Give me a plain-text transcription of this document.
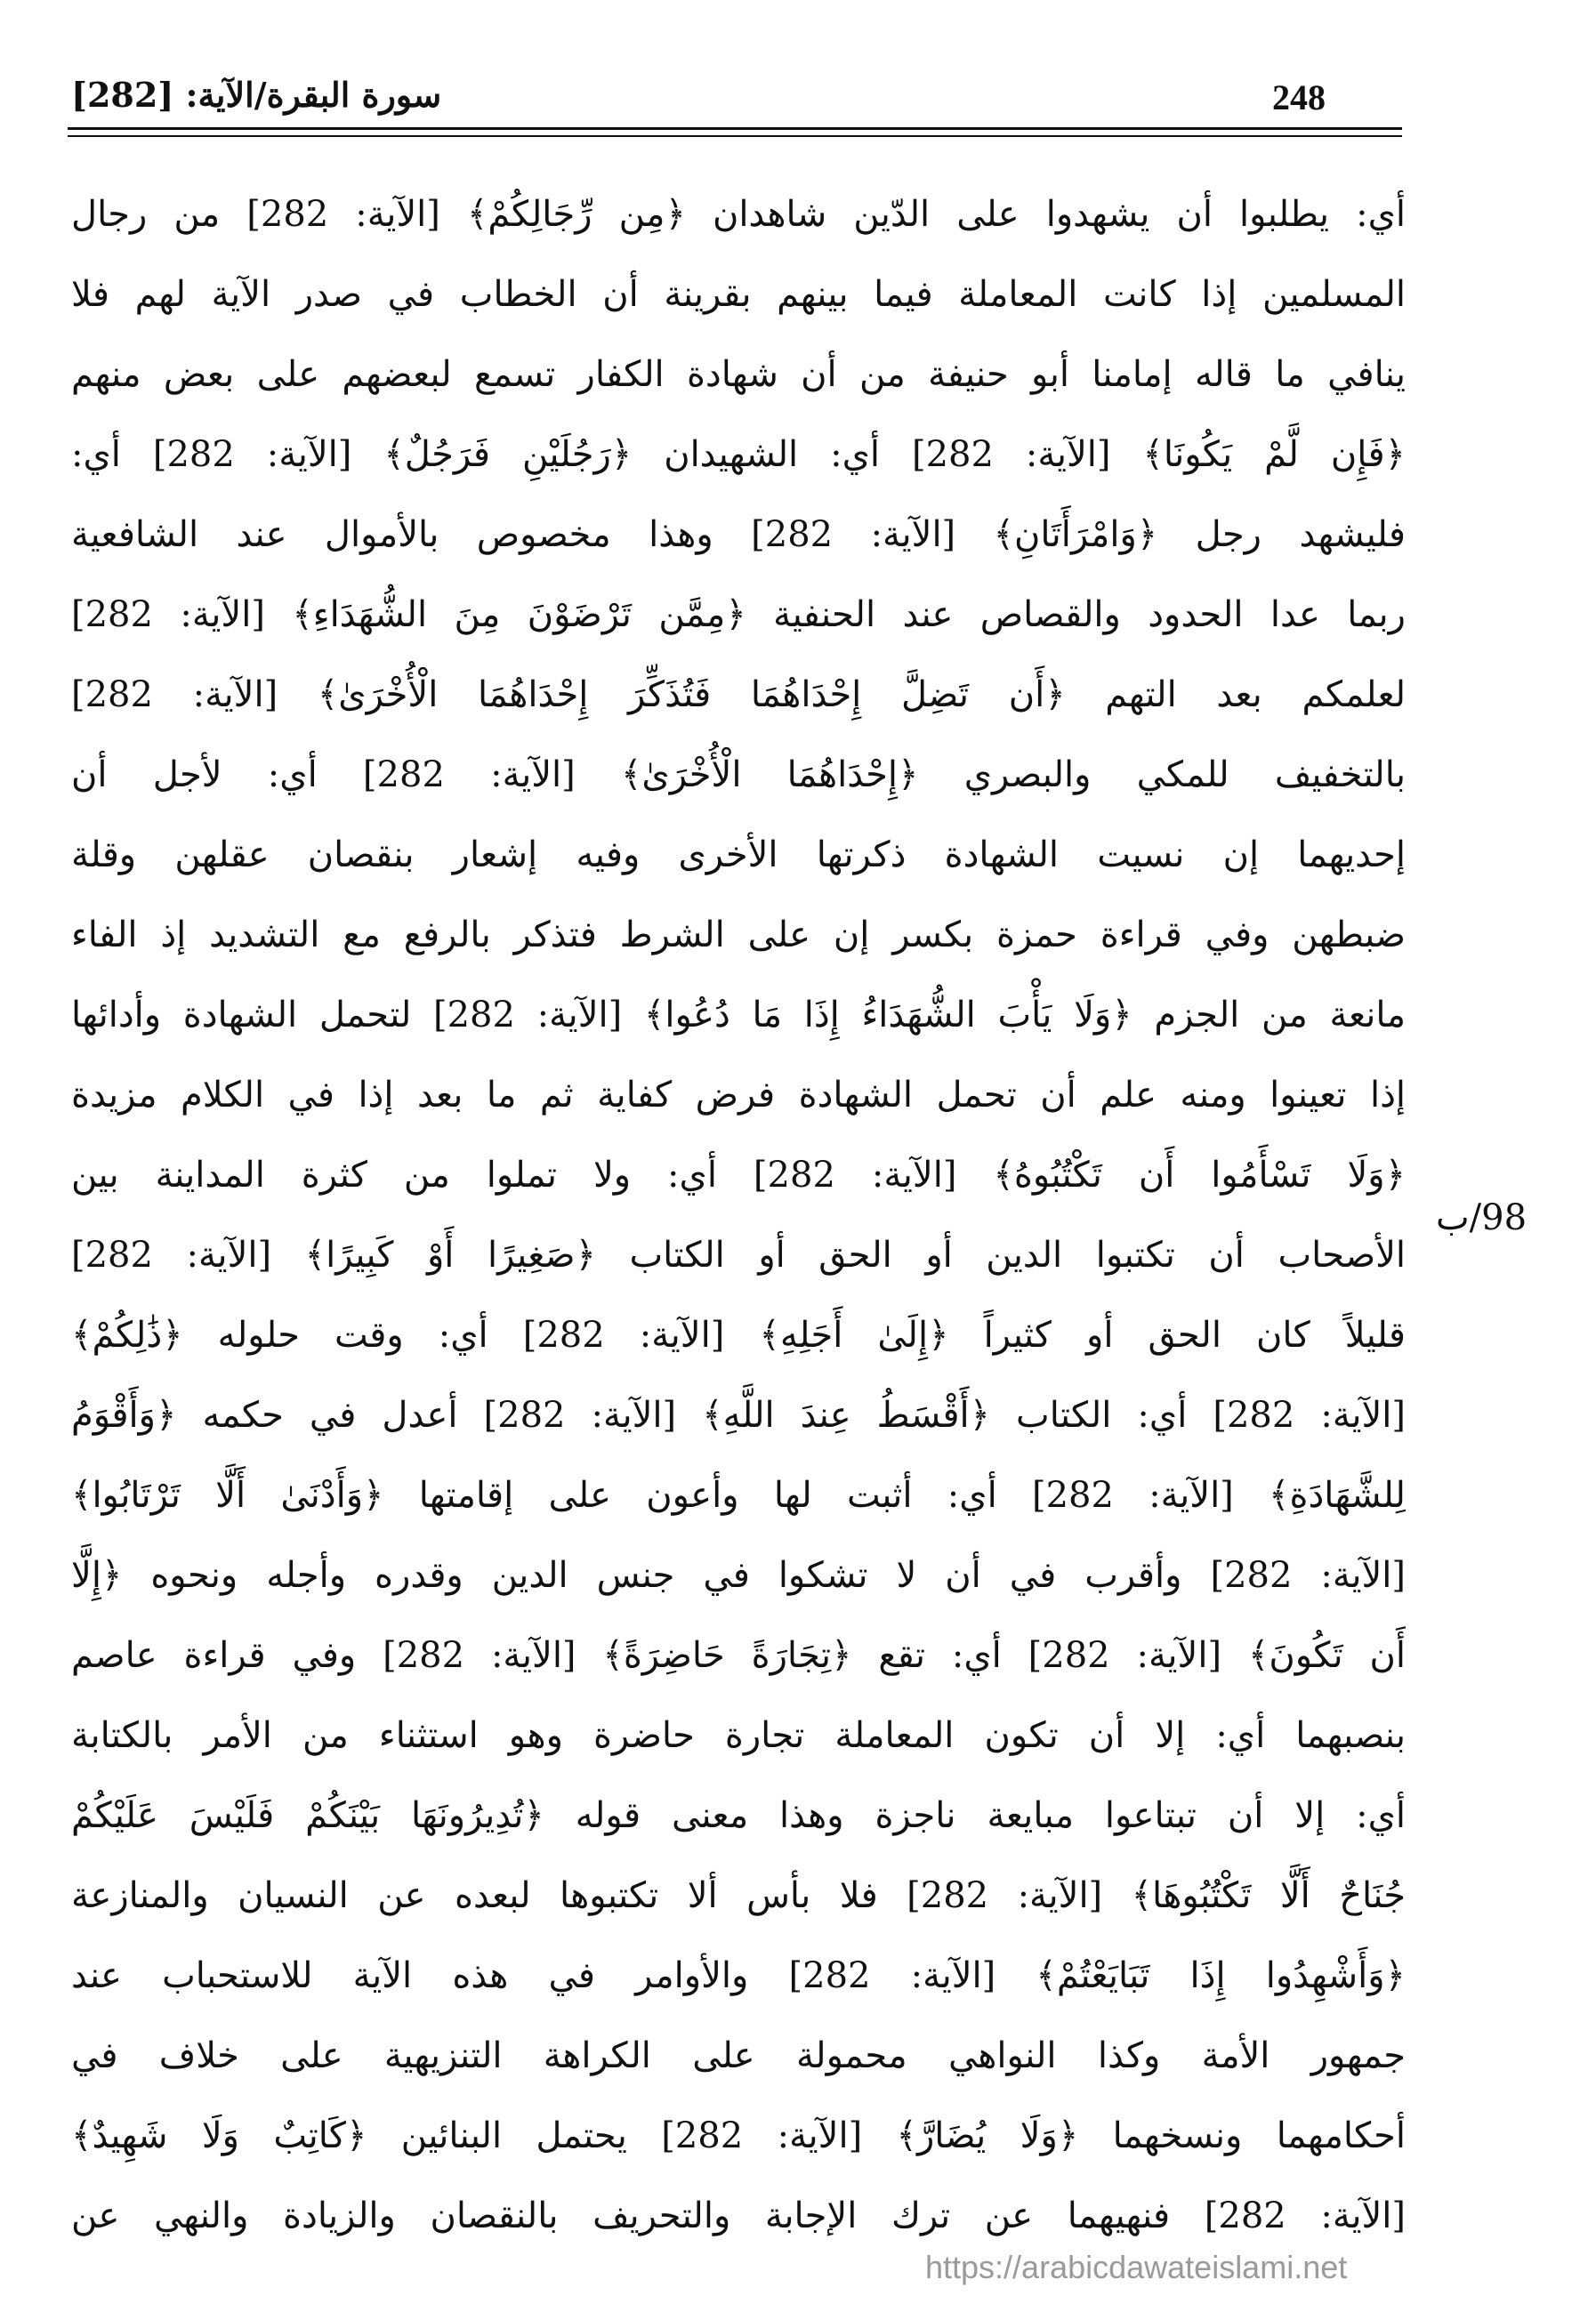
248
سورة البقرة/الآية: [282]
أي: يطلبوا أن يشهدوا على الدّين شاهدان ﴿مِن رِّجَالِكُمْ﴾ [الآية: 282] من رجال
المسلمين إذا كانت المعاملة فيما بينهم بقرينة أن الخطاب في صدر الآية لهم فلا
ينافي ما قاله إمامنا أبو حنيفة من أن شهادة الكفار تسمع لبعضهم على بعض منهم
﴿فَإِن لَّمْ يَكُونَا﴾ [الآية: 282] أي: الشهيدان ﴿رَجُلَيْنِ فَرَجُلٌ﴾ [الآية: 282] أي:
فليشهد رجل ﴿وَامْرَأَتَانِ﴾ [الآية: 282] وهذا مخصوص بالأموال عند الشافعية
ربما عدا الحدود والقصاص عند الحنفية ﴿مِمَّن تَرْضَوْنَ مِنَ الشُّهَدَاءِ﴾ [الآية: 282]
لعلمكم بعد التهم ﴿أَن تَضِلَّ إِحْدَاهُمَا فَتُذَكِّرَ إِحْدَاهُمَا الْأُخْرَىٰ﴾ [الآية: 282]
بالتخفيف للمكي والبصري ﴿إِحْدَاهُمَا الْأُخْرَىٰ﴾ [الآية: 282] أي: لأجل أن
إحديهما إن نسيت الشهادة ذكرتها الأخرى وفيه إشعار بنقصان عقلهن وقلة
ضبطهن وفي قراءة حمزة بكسر إن على الشرط فتذكر بالرفع مع التشديد إذ الفاء
مانعة من الجزم ﴿وَلَا يَأْبَ الشُّهَدَاءُ إِذَا مَا دُعُوا﴾ [الآية: 282] لتحمل الشهادة وأدائها
إذا تعينوا ومنه علم أن تحمل الشهادة فرض كفاية ثم ما بعد إذا في الكلام مزيدة
﴿وَلَا تَسْأَمُوا أَن تَكْتُبُوهُ﴾ [الآية: 282] أي: ولا تملوا من كثرة المداينة بين
الأصحاب أن تكتبوا الدين أو الحق أو الكتاب ﴿صَغِيرًا أَوْ كَبِيرًا﴾ [الآية: 282]
قليلاً كان الحق أو كثيراً ﴿إِلَىٰ أَجَلِهِ﴾ [الآية: 282] أي: وقت حلوله ﴿ذَٰلِكُمْ﴾
[الآية: 282] أي: الكتاب ﴿أَقْسَطُ عِندَ اللَّهِ﴾ [الآية: 282] أعدل في حكمه ﴿وَأَقْوَمُ
لِلشَّهَادَةِ﴾ [الآية: 282] أي: أثبت لها وأعون على إقامتها ﴿وَأَدْنَىٰ أَلَّا تَرْتَابُوا﴾
[الآية: 282] وأقرب في أن لا تشكوا في جنس الدين وقدره وأجله ونحوه ﴿إِلَّا
أَن تَكُونَ﴾ [الآية: 282] أي: تقع ﴿تِجَارَةً حَاضِرَةً﴾ [الآية: 282] وفي قراءة عاصم
بنصبهما أي: إلا أن تكون المعاملة تجارة حاضرة وهو استثناء من الأمر بالكتابة
أي: إلا أن تبتاعوا مبايعة ناجزة وهذا معنى قوله ﴿تُدِيرُونَهَا بَيْنَكُمْ فَلَيْسَ عَلَيْكُمْ
جُنَاحٌ أَلَّا تَكْتُبُوهَا﴾ [الآية: 282] فلا بأس ألا تكتبوها لبعده عن النسيان والمنازعة
﴿وَأَشْهِدُوا إِذَا تَبَايَعْتُمْ﴾ [الآية: 282] والأوامر في هذه الآية للاستحباب عند
جمهور الأمة وكذا النواهي محمولة على الكراهة التنزيهية على خلاف في
أحكامهما ونسخهما ﴿وَلَا يُضَارَّ﴾ [الآية: 282] يحتمل البنائين ﴿كَاتِبٌ وَلَا شَهِيدٌ﴾
[الآية: 282] فنهيهما عن ترك الإجابة والتحريف بالنقصان والزيادة والنهي عن
98/ب
https://arabicdawateislami.net
